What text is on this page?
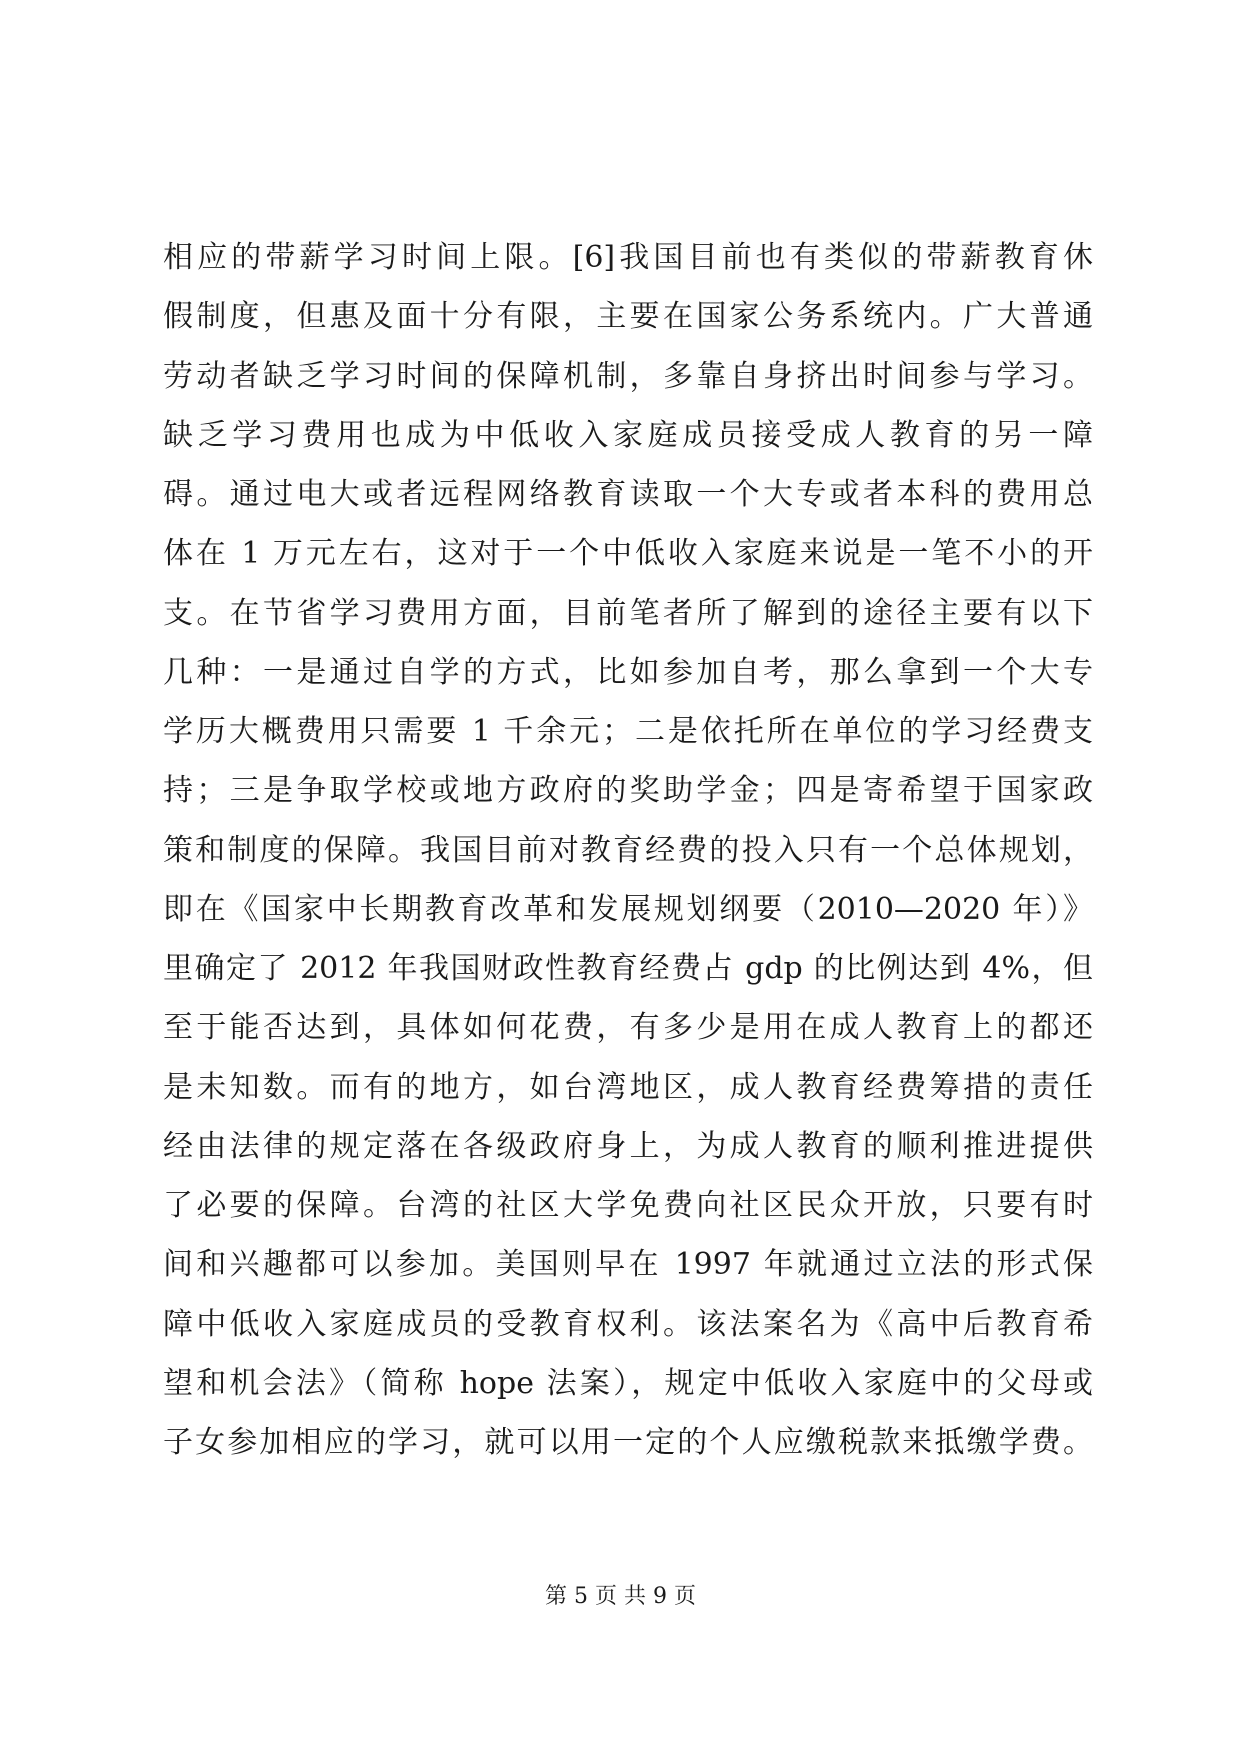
相应的带薪学习时间上限。[6]我国目前也有类似的带薪教育休
假制度，但惠及面十分有限，主要在国家公务系统内。广大普通
劳动者缺乏学习时间的保障机制，多靠自身挤出时间参与学习。
缺乏学习费用也成为中低收入家庭成员接受成人教育的另一障
碍。通过电大或者远程网络教育读取一个大专或者本科的费用总
体在 1 万元左右，这对于一个中低收入家庭来说是一笔不小的开
支。在节省学习费用方面，目前笔者所了解到的途径主要有以下
几种：一是通过自学的方式，比如参加自考，那么拿到一个大专
学历大概费用只需要 1 千余元；二是依托所在单位的学习经费支
持；三是争取学校或地方政府的奖助学金；四是寄希望于国家政
策和制度的保障。我国目前对教育经费的投入只有一个总体规划，
即在《国家中长期教育改革和发展规划纲要（2010—2020 年）》
里确定了 2012 年我国财政性教育经费占 gdp 的比例达到 4%，但
至于能否达到，具体如何花费，有多少是用在成人教育上的都还
是未知数。而有的地方，如台湾地区，成人教育经费筹措的责任
经由法律的规定落在各级政府身上，为成人教育的顺利推进提供
了必要的保障。台湾的社区大学免费向社区民众开放，只要有时
间和兴趣都可以参加。美国则早在 1997 年就通过立法的形式保
障中低收入家庭成员的受教育权利。该法案名为《高中后教育希
望和机会法》（简称 hope 法案），规定中低收入家庭中的父母或
子女参加相应的学习，就可以用一定的个人应缴税款来抵缴学费。
第 5 页 共 9 页
